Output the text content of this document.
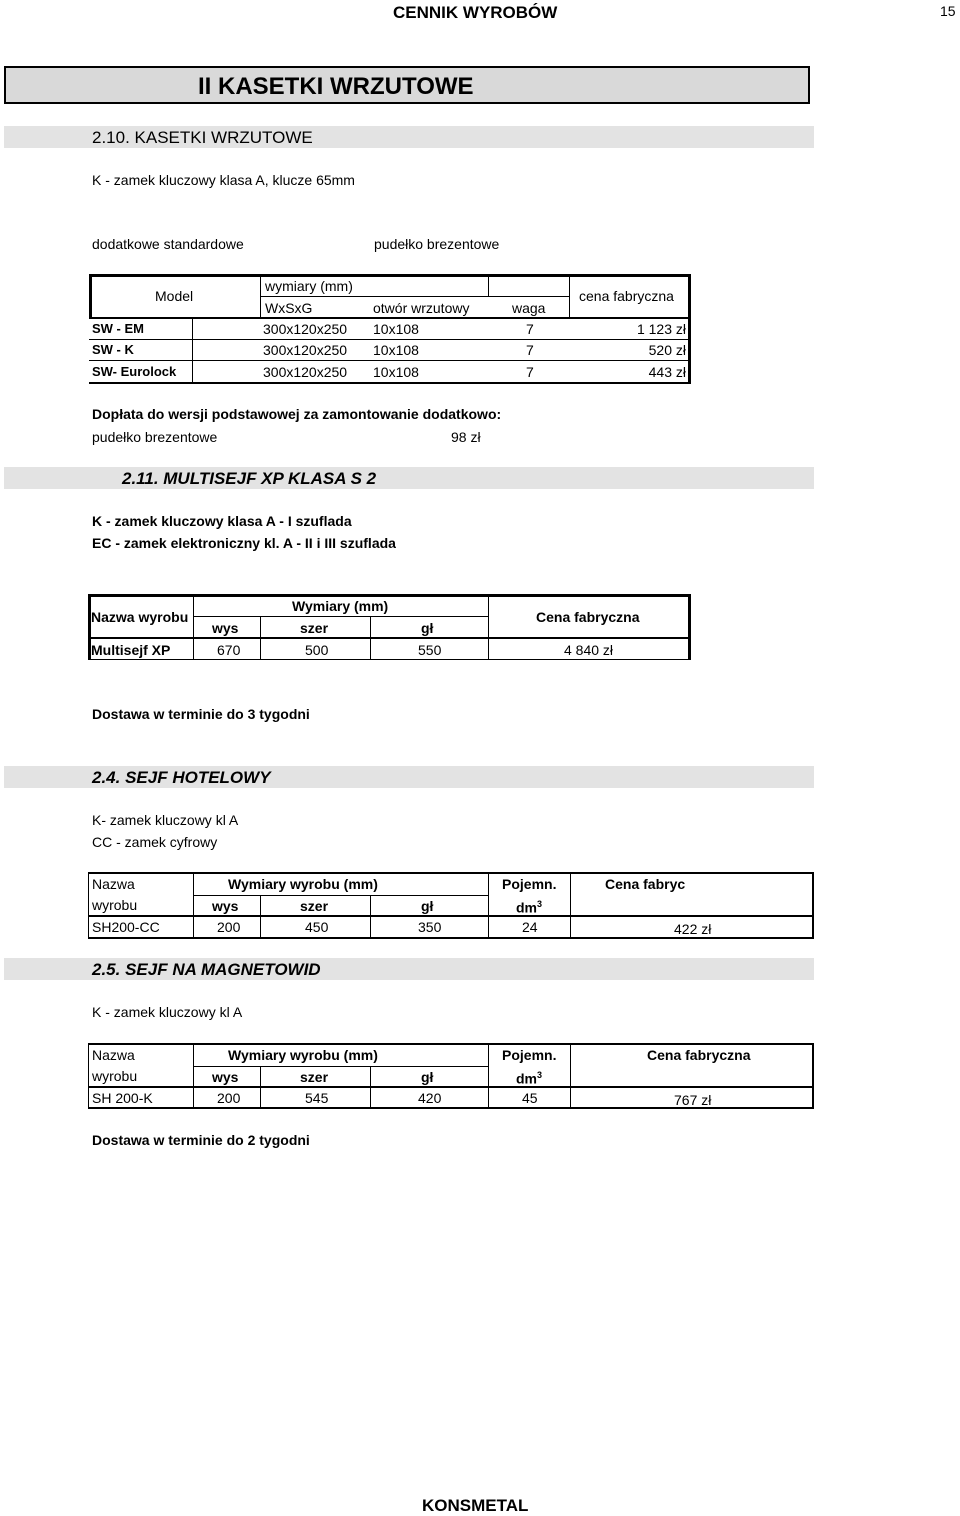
CENNIK WYROBÓW	15
II KASETKI WRZUTOWE
2.10. KASETKI WRZUTOWE
K - zamek kluczowy klasa A, klucze 65mm
dodatkowe standardowe	pudełko brezentowe
Model
wymiary (mm)
WxSxG	otwór wrzutowy	waga
cena fabryczna
SW - EM	300x120x250 10x108	7	1 123 zł
SW - K	300x120x250 10x108	7	520 zł
SW- Eurolock	300x120x250 10x108	7	443 zł
Dopłata do wersji podstawowej za zamontowanie dodatkowo:
pudełko brezentowe	98 zł
2.11. MULTISEJF XP KLASA S 2
K - zamek kluczowy klasa A - I szuflada
EC - zamek elektroniczny kl. A - II i III szuflada
Nazwa wyrobu
Wymiary (mm)
Cena fabryczna
wys	szer	gł
Multisejf XP	670	500	550	4 840 zł
Dostawa w terminie do 3 tygodni
2.4. SEJF HOTELOWY
K- zamek kluczowy kl A
CC - zamek cyfrowy
Nazwa
wyrobu
Wymiary wyrobu (mm)	Pojemn.	Cena fabryc
wys	szer	gł	$dm^3$
SH200-CC	200	450	350	24	422 zł
2.5. SEJF NA MAGNETOWID
K - zamek kluczowy kl A
Nazwa
wyrobu
Wymiary wyrobu (mm)	Pojemn.	Cena fabryczna
wys	szer	gł	$dm^3$
SH 200-K	200	545	420	45	767 zł
Dostawa w terminie do 2 tygodni
KONSMETAL
